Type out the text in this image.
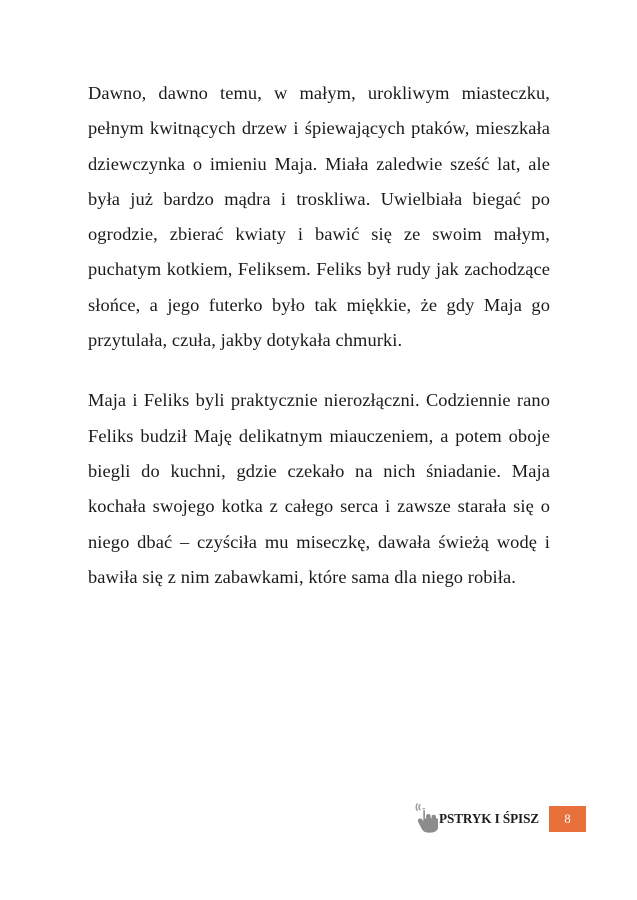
Dawno, dawno temu, w małym, urokliwym miasteczku, pełnym kwitnących drzew i śpiewających ptaków, mieszkała dziewczynka o imieniu Maja. Miała zaledwie sześć lat, ale była już bardzo mądra i troskliwa. Uwielbiała biegać po ogrodzie, zbierać kwiaty i bawić się ze swoim małym, puchatym kotkiem, Feliksem. Feliks był rudy jak zachodzące słońce, a jego futerko było tak miękkie, że gdy Maja go przytulała, czuła, jakby dotykała chmurki.

Maja i Feliks byli praktycznie nierozłączni. Codziennie rano Feliks budził Maję delikatnym miauczeniem, a potem oboje biegli do kuchni, gdzie czekało na nich śniadanie. Maja kochała swojego kotka z całego serca i zawsze starała się o niego dbać – czyściła mu miseczkę, dawała świeżą wodę i bawiła się z nim zabawkami, które sama dla niego robiła.

PSTRYK I ŚPISZ 8
